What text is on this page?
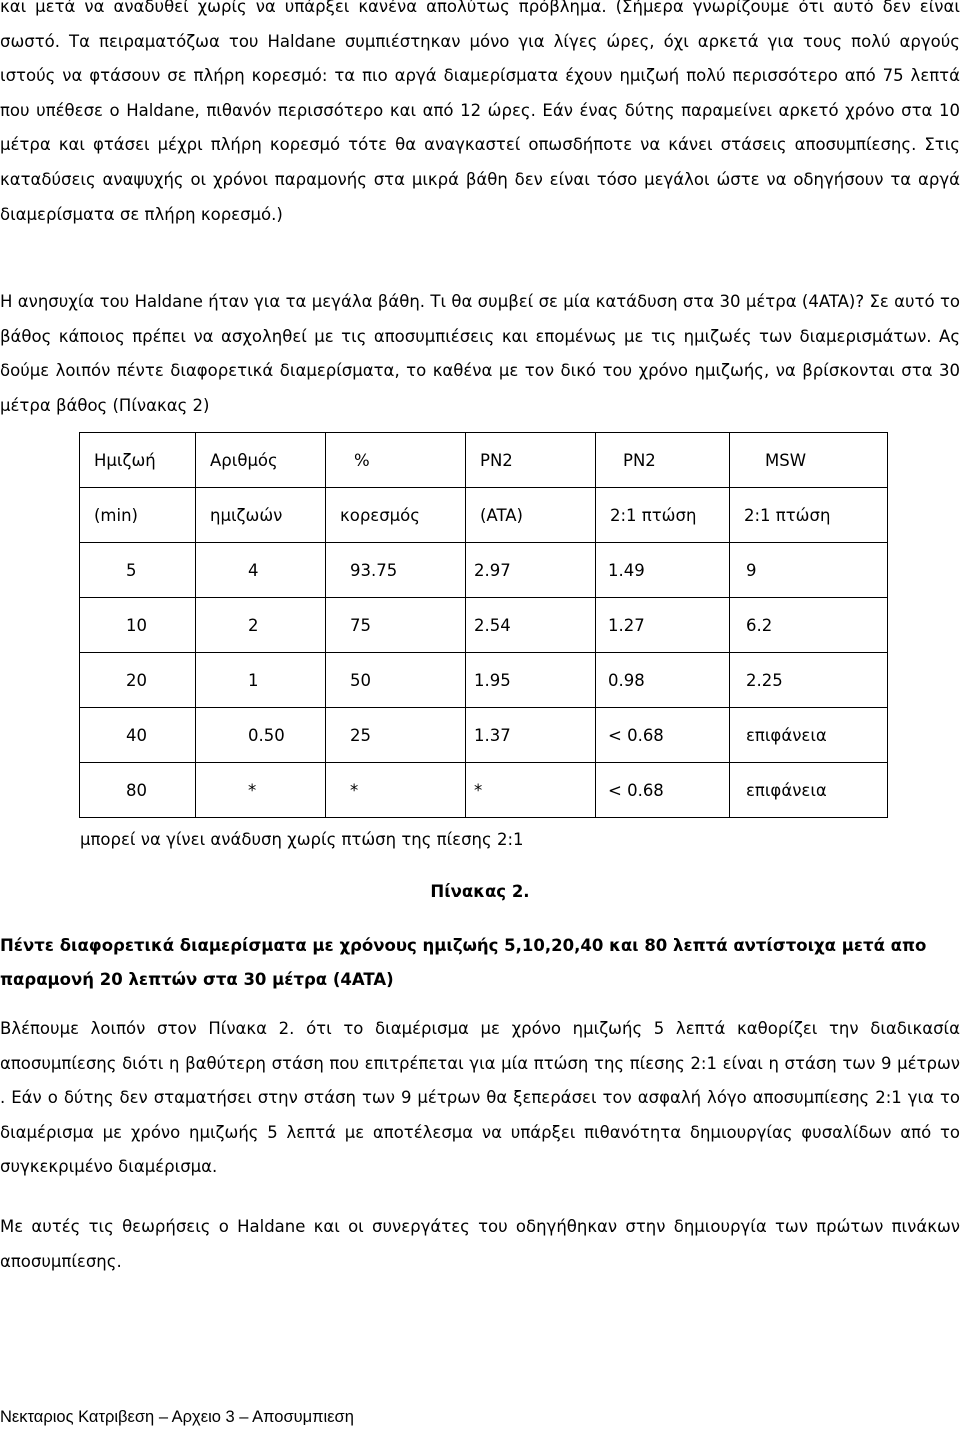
και μετά να αναδυθεί χωρίς να υπάρξει κανένα απολύτως πρόβλημα. (Σήμερα γνωρίζουμε ότι αυτό δεν είναι σωστό. Τα πειραματόζωα του Haldane συμπιέστηκαν μόνο για λίγες ώρες, όχι αρκετά για τους πολύ αργούς ιστούς να φτάσουν σε πλήρη κορεσμό: τα πιο αργά διαμερίσματα έχουν ημιζωή πολύ περισσότερο από 75 λεπτά που υπέθεσε ο Haldane, πιθανόν περισσότερο και από 12 ώρες. Εάν ένας δύτης παραμείνει αρκετό χρόνο στα 10 μέτρα και φτάσει μέχρι πλήρη κορεσμό τότε θα αναγκαστεί οπωσδήποτε να κάνει στάσεις αποσυμπίεσης. Στις καταδύσεις αναψυχής οι χρόνοι παραμονής στα μικρά βάθη δεν είναι τόσο μεγάλοι ώστε να οδηγήσουν τα αργά διαμερίσματα σε πλήρη κορεσμό.)

Η ανησυχία του Haldane ήταν για τα μεγάλα βάθη. Τι θα συμβεί σε μία κατάδυση στα 30 μέτρα (4ATA)? Σε αυτό το βάθος κάποιος πρέπει να ασχοληθεί με τις αποσυμπιέσεις και επομένως με τις ημιζωές των διαμερισμάτων. Ας δούμε λοιπόν πέντε διαφορετικά διαμερίσματα, το καθένα με τον δικό του χρόνο ημιζωής, να βρίσκονται στα 30 μέτρα βάθος (Πίνακας 2)

Ημιζωή	Αριθμός	%	PN2	PN2	MSW
(min)	ημιζωών	κορεσμός	(ATA)	2:1 πτώση	2:1 πτώση
5	4	93.75	2.97	1.49	9
10	2	75	2.54	1.27	6.2
20	1	50	1.95	0.98	2.25
40	0.50	25	1.37	< 0.68	επιφάνεια
80	*	*	*	< 0.68	επιφάνεια

μπορεί να γίνει ανάδυση χωρίς πτώση της πίεσης 2:1

Πίνακας 2.

Πέντε διαφορετικά διαμερίσματα με χρόνους ημιζωής 5,10,20,40 και 80 λεπτά αντίστοιχα μετά απο παραμονή 20 λεπτών στα 30 μέτρα (4ATA)

Βλέπουμε λοιπόν στον Πίνακα 2. ότι το διαμέρισμα με χρόνο ημιζωής 5 λεπτά καθορίζει την διαδικασία αποσυμπίεσης διότι η βαθύτερη στάση που επιτρέπεται για μία πτώση της πίεσης 2:1 είναι η στάση των 9 μέτρων . Εάν ο δύτης δεν σταματήσει στην στάση των 9 μέτρων θα ξεπεράσει τον ασφαλή λόγο αποσυμπίεσης 2:1 για το διαμέρισμα με χρόνο ημιζωής 5 λεπτά με αποτέλεσμα να υπάρξει πιθανότητα δημιουργίας φυσαλίδων από το συγκεκριμένο διαμέρισμα.

Με αυτές τις θεωρήσεις ο Haldane και οι συνεργάτες του οδηγήθηκαν στην δημιουργία των πρώτων πινάκων αποσυμπίεσης.

Νεκταριος Κατριβεση – Αρχειο 3 – Αποσυμπιεση
